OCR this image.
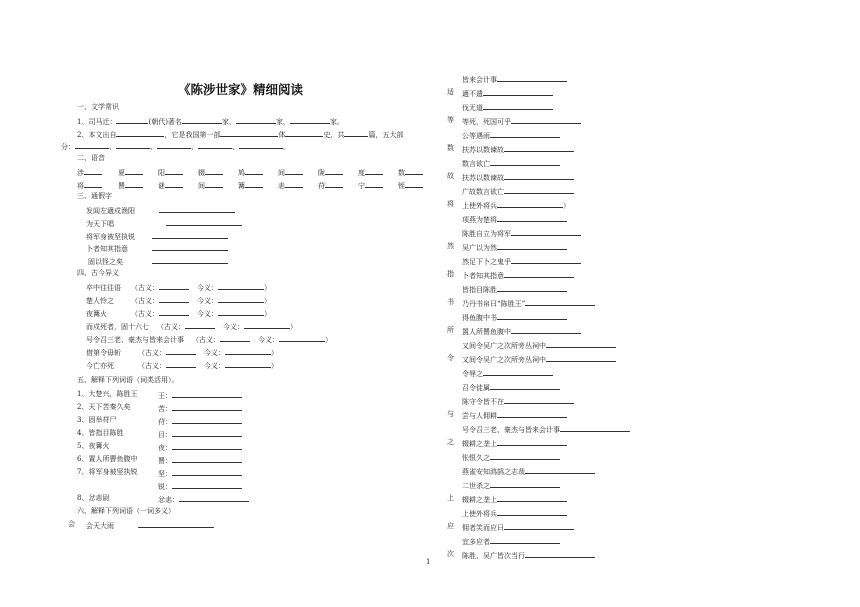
《陈涉世家》精细阅读
一、文学常识
1、司马迁：	(朝代)著名	家、	家，	家。
2、本文出自	，它是我国第一部	体	史，共	篇，五大部
分：	、	、	、	、	。
二、语音
涉	夏	阳	辍	鸠	间	陇	度	数
将	罾	谜	间	篝	恚	苻	宁	铚
三、通假字
发闾左適戍渔阳
为天下唱
将军身被坚执锐
卜者知其指意
固以怪之矣
四、古今异义
卒中往往语 （古义：	今义：	）
楚人怜之 （古义：	今义：	）
夜篝火	（古义：	今义：	）
而戍死者，固十六七 （古义：	今义：	）
号令召三老、豪杰与皆来会计事 （古义：	今义：	）
借第令毋斩 （古义：	今义：	）
今亡亦死	（古义：	今义：	）
五、解释下列词语（词类活用）。
1、大楚兴，陈胜王	王：
2、天下苦秦久矣	苦：
3、固举苻尸	苻：
4、皆指目陈胜	目：
5、夜篝火	夜：
6、置人所罾鱼腹中	罾：
7、将军身被坚执锐	坚：
锐：
8、忿恚尉	忿恚：
六、解释下列词语（一词多义）
会 会天大雨
皆来会计事
适 適不遣
伐无道
等 等死，死国可乎
公等遇雨
数 扶苏以数谏故
数言欲亡
故 扶苏以数谏故
广故数言欲亡
将 上使外将兵	）
项燕为楚将
陈胜自立为将军
然 吴广以为然
然足下卜之鬼乎
指 卜者知其指意
皆指目陈胜
书 乃丹书帛曰“陈胜王”
得鱼腹中书
所 置人所罾鱼腹中
又间令吴广之次所旁丛祠中
令 又间令吴广之次所旁丛祠中
令辱之
召令徒属
陈守令皆不在
与 尝与人佣耕
号令召三老、豪杰与皆来会计事
之 辍耕之垄上
怅恨久之
燕雀安知鸿鹄之志哉
二世杀之
上 辍耕之垄上
上使外将兵
应 佣者笑而应曰
宜多应者
次 陈胜、吴广皆次当行
1
